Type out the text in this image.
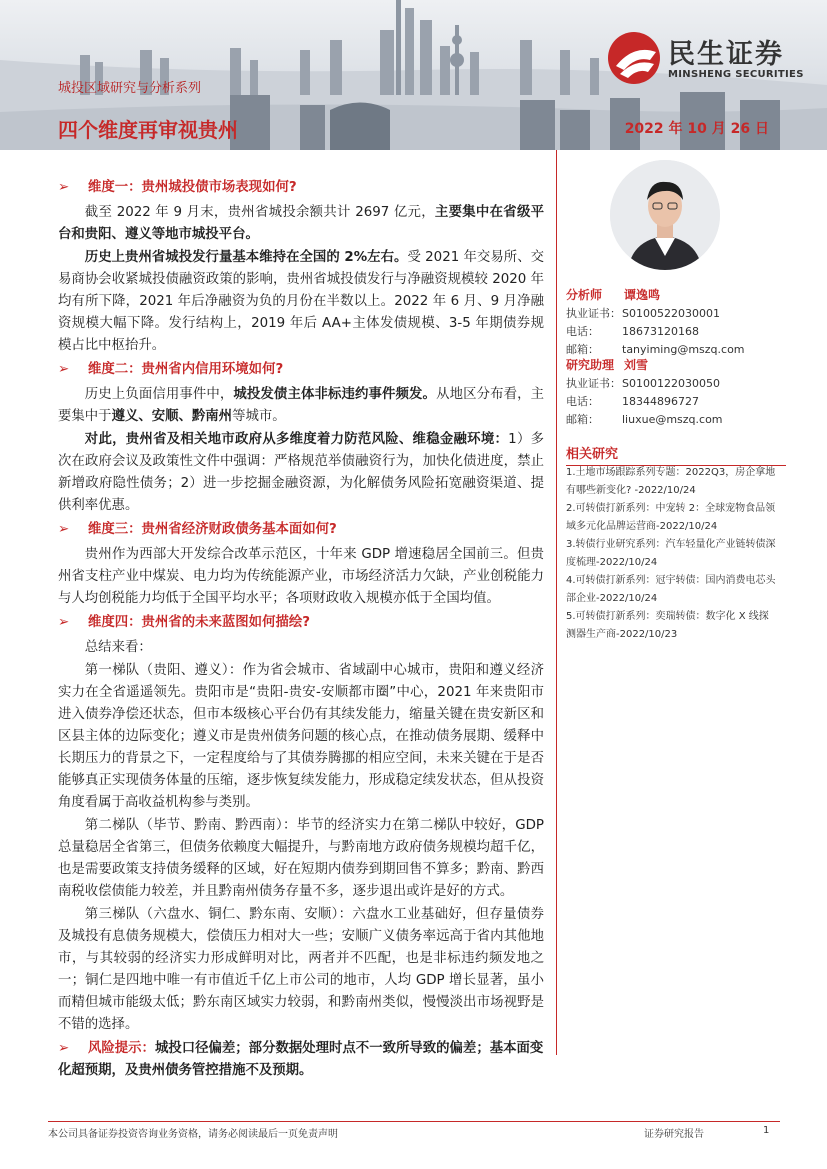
民生证券
MINSHENG SECURITIES
城投区域研究与分析系列
四个维度再审视贵州	2022 年 10 月 26 日
➢ 维度一：贵州城投债市场表现如何?
截至 2022 年 9 月末，贵州省城投余额共计 2697 亿元，主要集中在省级平台和贵阳、遵义等地市城投平台。
历史上贵州省城投发行量基本维持在全国的 2%左右。受 2021 年交易所、交易商协会收紧城投债融资政策的影响，贵州省城投债发行与净融资规模较 2020 年均有所下降，2021 年后净融资为负的月份在半数以上。2022 年 6 月、9 月净融资规模大幅下降。发行结构上，2019 年后 AA+主体发债规模、3-5 年期债券规模占比中枢抬升。
➢ 维度二：贵州省内信用环境如何?
历史上负面信用事件中，城投发债主体非标违约事件频发。从地区分布看，主要集中于遵义、安顺、黔南州等城市。
对此，贵州省及相关地市政府从多维度着力防范风险、维稳金融环境：1）多次在政府会议及政策性文件中强调：严格规范举债融资行为，加快化债进度，禁止新增政府隐性债务；2）进一步挖掘金融资源，为化解债务风险拓宽融资渠道、提供利率优惠。
➢ 维度三：贵州省经济财政债务基本面如何?
贵州作为西部大开发综合改革示范区，十年来 GDP 增速稳居全国前三。但贵州省支柱产业中煤炭、电力均为传统能源产业，市场经济活力欠缺，产业创税能力与人均创税能力均低于全国平均水平；各项财政收入规模亦低于全国均值。
➢ 维度四：贵州省的未来蓝图如何描绘?
总结来看：
第一梯队（贵阳、遵义）：作为省会城市、省域副中心城市，贵阳和遵义经济实力在全省遥遥领先。贵阳市是“贵阳-贵安-安顺都市圈”中心，2021 年来贵阳市进入债券净偿还状态，但市本级核心平台仍有其续发能力，缩量关键在贵安新区和区县主体的边际变化；遵义市是贵州债务问题的核心点，在推动债务展期、缓释中长期压力的背景之下，一定程度给与了其债券腾挪的相应空间，未来关键在于是否能够真正实现债务体量的压缩，逐步恢复续发能力，形成稳定续发状态，但从投资角度看属于高收益机构参与类别。
第二梯队（毕节、黔南、黔西南）：毕节的经济实力在第二梯队中较好，GDP 总量稳居全省第三，但债务依赖度大幅提升，与黔南地方政府债务规模均超千亿，也是需要政策支持债务缓释的区域，好在短期内债券到期回售不算多；黔南、黔西南税收偿债能力较差，并且黔南州债务存量不多，逐步退出或许是好的方式。
第三梯队（六盘水、铜仁、黔东南、安顺）：六盘水工业基础好，但存量债券及城投有息债务规模大，偿债压力相对大一些；安顺广义债务率远高于省内其他地市，与其较弱的经济实力形成鲜明对比，两者并不匹配，也是非标违约频发地之一；铜仁是四地中唯一有市值近千亿上市公司的地市，人均 GDP 增长显著，虽小而精但城市能级太低；黔东南区域实力较弱，和黔南州类似，慢慢淡出市场视野是不错的选择。
➢ 风险提示：城投口径偏差；部分数据处理时点不一致所导致的偏差；基本面变化超预期，及贵州债务管控措施不及预期。
分析师 谭逸鸣
执业证书：S0100522030001
电话： 18673120168
邮箱： tanyiming@mszq.com
研究助理 刘雪
执业证书：S0100122030050
电话： 18344896727
邮箱： liuxue@mszq.com
相关研究
1.土地市场跟踪系列专题：2022Q3，房企拿地有哪些新变化? -2022/10/24
2.可转债打新系列：中宠转 2：全球宠物食品领域多元化品牌运营商-2022/10/24
3.转债行业研究系列：汽车轻量化产业链转债深度梳理-2022/10/24
4.可转债打新系列：冠宇转债：国内消费电芯头部企业-2022/10/24
5.可转债打新系列：奕瑞转债：数字化 X 线探测器生产商-2022/10/23
本公司具备证券投资咨询业务资格，请务必阅读最后一页免责声明	证券研究报告	1
